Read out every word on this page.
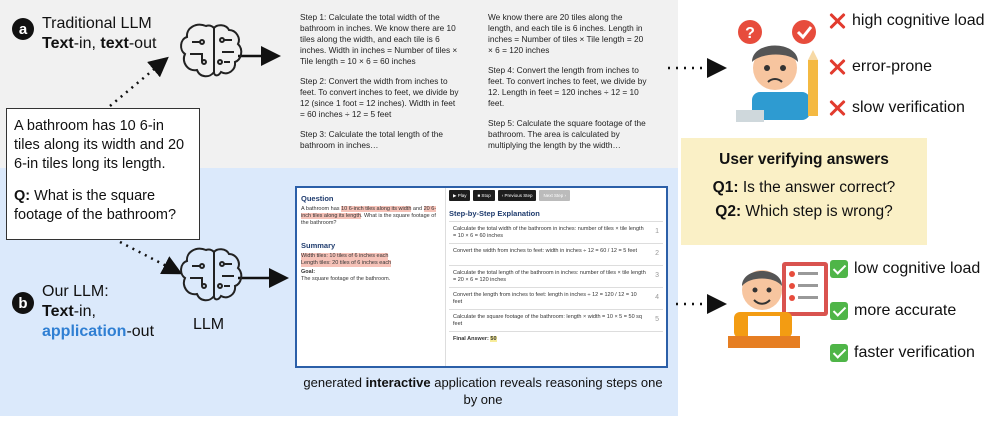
?
a Traditional LLM
Text-in, text-out

A bathroom has 10 6-in tiles along its width and 20 6-in tiles long its length.

Q: What is the square footage of the bathroom?

Step 1: Calculate the total width of the bathroom in inches. We know there are 10 tiles along the width, and each tile is 6 inches. Width in inches = Number of tiles × Tile length = 10 × 6 = 60 inches

Step 2: Convert the width from inches to feet. To convert inches to feet, we divide by 12 (since 1 foot = 12 inches). Width in feet = 60 inches ÷ 12 = 5 feet

Step 3: Calculate the total length of the bathroom in inches…

We know there are 20 tiles along the length, and each tile is 6 inches. Length in inches = Number of tiles × Tile length = 20 × 6 = 120 inches

Step 4: Convert the length from inches to feet. To convert inches to feet, we divide by 12. Length in feet = 120 inches ÷ 12 = 10 feet.

Step 5: Calculate the square footage of the bathroom. The area is calculated by multiplying the length by the width…

b
Our LLM:
Text-in,
application-out LLM
Question
A bathroom has 10 6-inch tiles along its width and 20 6-inch tiles along its length. What is the square footage of the bathroom?
Summary
Width tiles: 10 tiles of 6 inches each
Length tiles: 20 tiles of 6 inches each
Goal:
The square footage of the bathroom.
▶ Play	■ Stop	‹ Previous Step	Next Step ›
Step-by-Step Explanation
Calculate the total width of the bathroom in inches: number of tiles × tile length = 10 × 6 = 60 inches
1
Convert the width from inches to feet: width in inches ÷ 12 = 60 / 12 = 5 feet	2
Calculate the total length of the bathroom in inches: number of tiles × tile length = 20 × 6 = 120 inches
3
Convert the length from inches to feet: length in inches ÷ 12 = 120 / 12 = 10 feet
4
Calculate the square footage of the bathroom: length × width = 10 × 5 = 50 sq feet
5
Final Answer: 50
generated interactive application reveals reasoning steps one by one
User verifying answers
Q1: Is the answer correct?
Q2: Which step is wrong?
high cognitive load
error-prone
slow verification
low cognitive load
more accurate
faster verification
